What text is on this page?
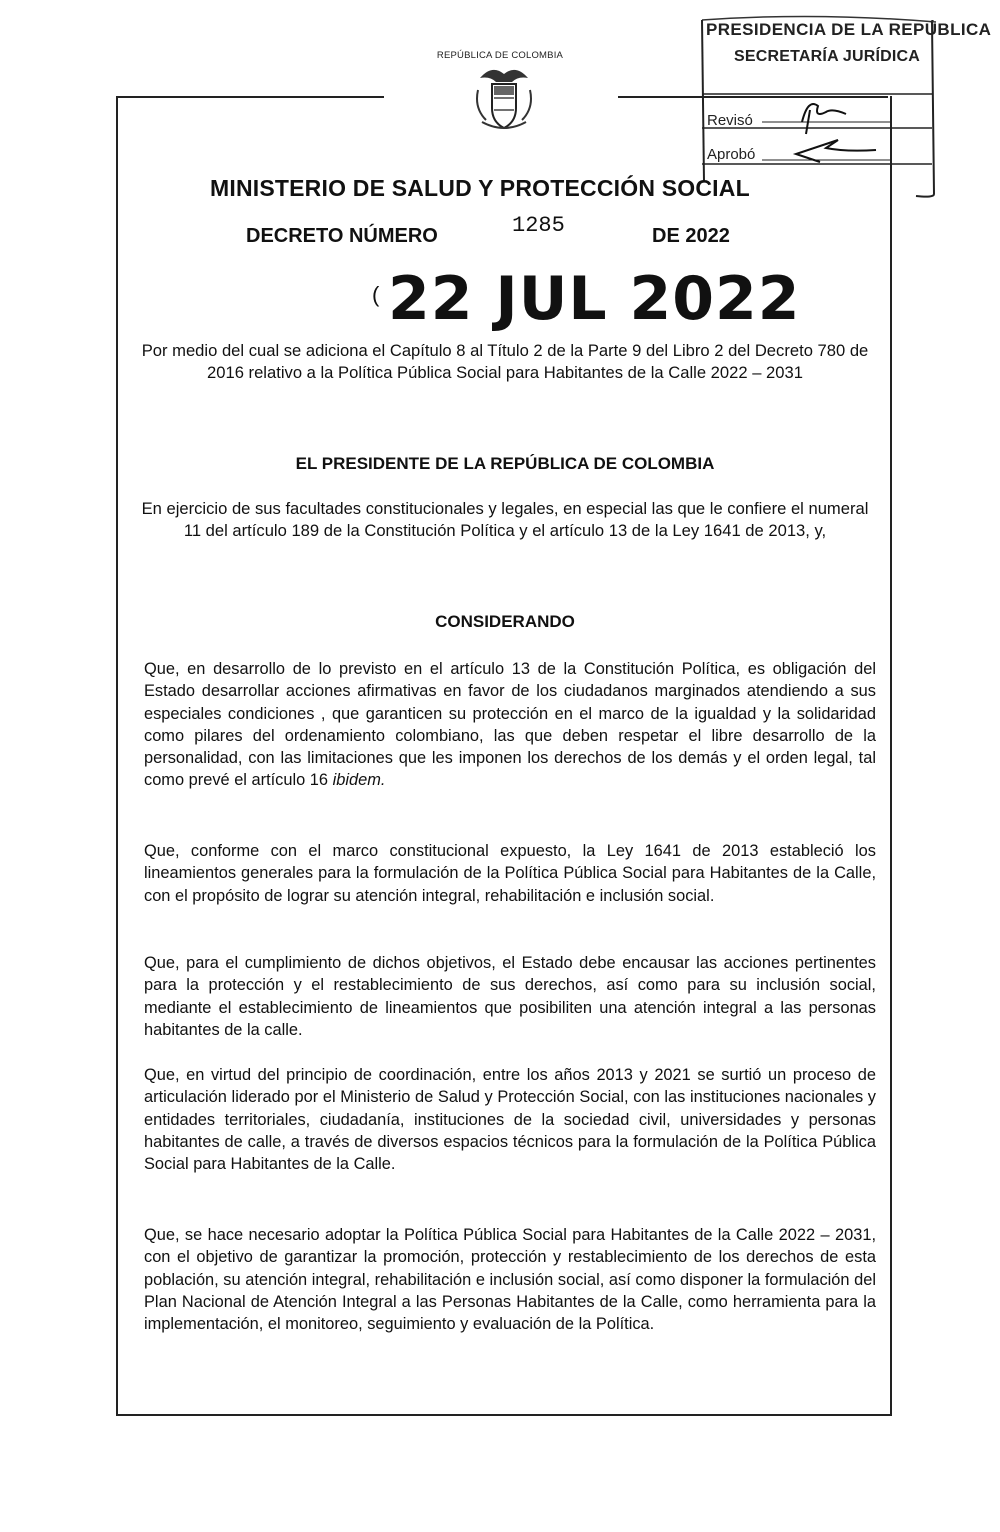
REPÚBLICA DE COLOMBIA
PRESIDENCIA DE LA REPÚBLICA
SECRETARÍA JURÍDICA
Revisó
Aprobó
MINISTERIO DE SALUD Y PROTECCIÓN SOCIAL
DECRETO NÚMERO	1285	DE 2022
( 22 JUL 2022
Por medio del cual se adiciona el Capítulo 8 al Título 2 de la Parte 9 del Libro 2 del Decreto 780 de 2016 relativo a la Política Pública Social para Habitantes de la Calle 2022 – 2031
EL PRESIDENTE DE LA REPÚBLICA DE COLOMBIA
En ejercicio de sus facultades constitucionales y legales, en especial las que le confiere el numeral 11 del artículo 189 de la Constitución Política y el artículo 13 de la Ley 1641 de 2013, y,
CONSIDERANDO
Que, en desarrollo de lo previsto en el artículo 13 de la Constitución Política, es obligación del Estado desarrollar acciones afirmativas en favor de los ciudadanos marginados atendiendo a sus especiales condiciones , que garanticen su protección en el marco de la igualdad y la solidaridad como pilares del ordenamiento colombiano, las que deben respetar el libre desarrollo de la personalidad, con las limitaciones que les imponen los derechos de los demás y el orden legal, tal como prevé el artículo 16 ibidem.
Que, conforme con el marco constitucional expuesto, la Ley 1641 de 2013 estableció los lineamientos generales para la formulación de la Política Pública Social para Habitantes de la Calle, con el propósito de lograr su atención integral, rehabilitación e inclusión social.
Que, para el cumplimiento de dichos objetivos, el Estado debe encausar las acciones pertinentes para la protección y el restablecimiento de sus derechos, así como para su inclusión social, mediante el establecimiento de lineamientos que posibiliten una atención integral a las personas habitantes de la calle.
Que, en virtud del principio de coordinación, entre los años 2013 y 2021 se surtió un proceso de articulación liderado por el Ministerio de Salud y Protección Social, con las instituciones nacionales y entidades territoriales, ciudadanía, instituciones de la sociedad civil, universidades y personas habitantes de calle, a través de diversos espacios técnicos para la formulación de la Política Pública Social para Habitantes de la Calle.
Que, se hace necesario adoptar la Política Pública Social para Habitantes de la Calle 2022 – 2031, con el objetivo de garantizar la promoción, protección y restablecimiento de los derechos de esta población, su atención integral, rehabilitación e inclusión social, así como disponer la formulación del Plan Nacional de Atención Integral a las Personas Habitantes de la Calle, como herramienta para la implementación, el monitoreo, seguimiento y evaluación de la Política.
